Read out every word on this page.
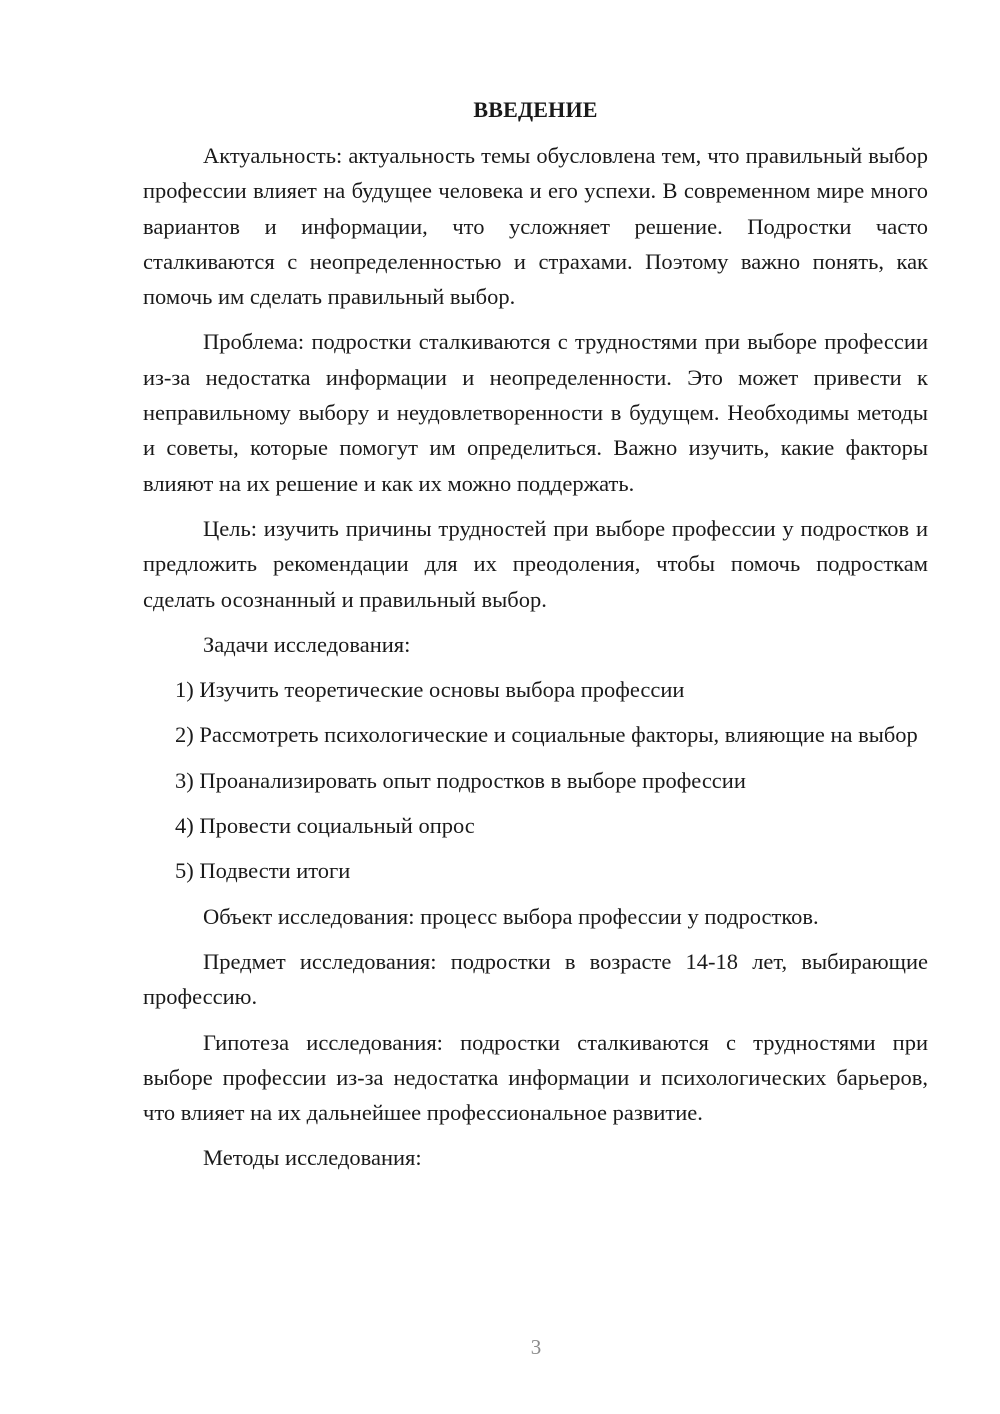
ВВЕДЕНИЕ

Актуальность: актуальность темы обусловлена тем, что правильный выбор профессии влияет на будущее человека и его успехи. В современном мире много вариантов и информации, что усложняет решение. Подростки часто сталкиваются с неопределенностью и страхами. Поэтому важно понять, как помочь им сделать правильный выбор.

Проблема: подростки сталкиваются с трудностями при выборе профессии из-за недостатка информации и неопределенности. Это может привести к неправильному выбору и неудовлетворенности в будущем. Необходимы методы и советы, которые помогут им определиться. Важно изучить, какие факторы влияют на их решение и как их можно поддержать.

Цель: изучить причины трудностей при выборе профессии у подростков и предложить рекомендации для их преодоления, чтобы помочь подросткам сделать осознанный и правильный выбор.

Задачи исследования:

1) Изучить теоретические основы выбора профессии

2) Рассмотреть психологические и социальные факторы, влияющие на выбор

3) Проанализировать опыт подростков в выборе профессии

4) Провести социальный опрос

5) Подвести итоги

Объект исследования: процесс выбора профессии у подростков.

Предмет исследования: подростки в возрасте 14-18 лет, выбирающие профессию.

Гипотеза исследования: подростки сталкиваются с трудностями при выборе профессии из-за недостатка информации и психологических барьеров, что влияет на их дальнейшее профессиональное развитие.

Методы исследования:

3
